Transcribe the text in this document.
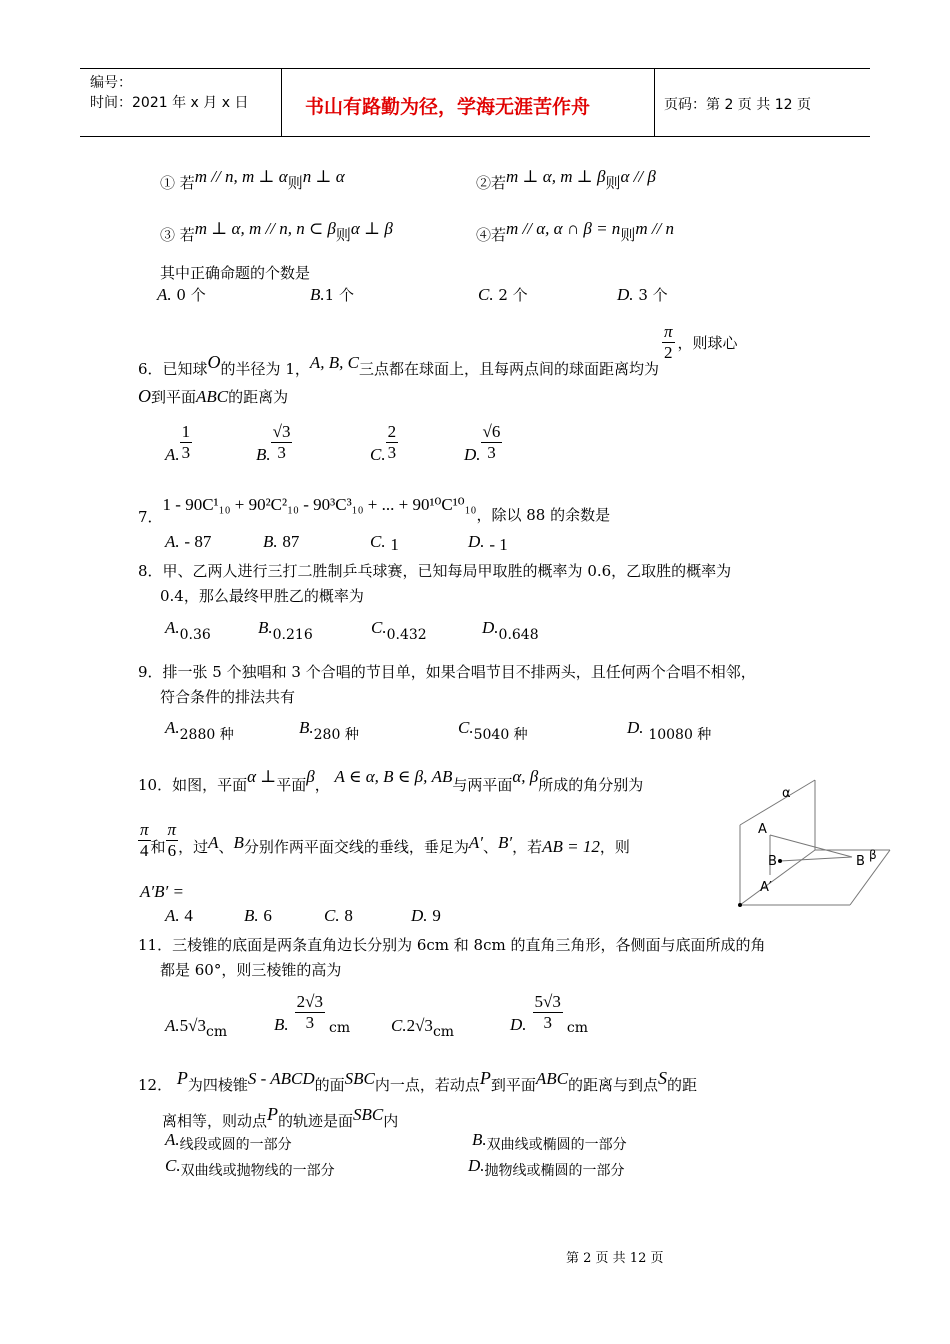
编号：
时间：2021 年 x 月 x 日	书山有路勤为径，学海无涯苦作舟	页码：第 2 页 共 12 页
① 若m // n, m ⊥ α则n ⊥ α	②若m ⊥ α, m ⊥ β则α // β
③ 若m ⊥ α, m // n, n ⊂ β则α ⊥ β	④若m // α, α ∩ β = n则m // n
其中正确命题的个数是
A. 0 个	B.1 个	C. 2 个	D. 3 个
6．已知球O的半径为 1，A, B, C三点都在球面上，且每两点间的球面距离均为
$\frac{\pi}{2}$ ，则球心
O到平面ABC的距离为
A. $\frac{1}{3}$	B. $\frac{√3}{3}$	C. $\frac{2}{3}$	D. $\frac{√6}{3}$
7．1 - 90C¹₁₀ + 90²C²₁₀ - 90³C³₁₀ + ... + 90¹⁰C¹⁰₁₀，除以 88 的余数是
A. - 87	B. 87	C. 1	D. - 1
8．甲、乙两人进行三打二胜制乒乓球赛，已知每局甲取胜的概率为 0.6，乙取胜的概率为
0.4，那么最终甲胜乙的概率为
A.0.36	B.0.216	C.0.432	D.0.648
9．排一张 5 个独唱和 3 个合唱的节目单，如果合唱节目不排两头，且任何两个合唱不相邻，
符合条件的排法共有
A.2880 种	B.280 种	C.5040 种	D. 10080 种
10．如图，平面α ⊥平面β， A ∈ α, B ∈ β, AB与两平面α, β所成的角分别为
$\frac{\pi}{4}$ 和 $\frac{\pi}{6}$ ，过A、B分别作两平面交线的垂线，垂足为A′、B′，若AB = 12，则
A′B′ =
A. 4	B. 6	C. 8	D. 9
α
A
B	B β
A′
11．三棱锥的底面是两条直角边长分别为 6cm 和 8cm 的直角三角形，各侧面与底面所成的角
都是 60°，则三棱锥的高为
A.5√3cm	B. $\frac{2√3}{3}$ cm C.2√3cm	D. $\frac{5√3}{3}$ cm
12． P为四棱锥S - ABCD的面SBC内一点，若动点P到平面ABC的距离与到点S的距
离相等，则动点P的轨迹是面SBC内
A.线段或圆的一部分	B.双曲线或椭圆的一部分
C.双曲线或抛物线的一部分	D.抛物线或椭圆的一部分
第 2 页 共 12 页
